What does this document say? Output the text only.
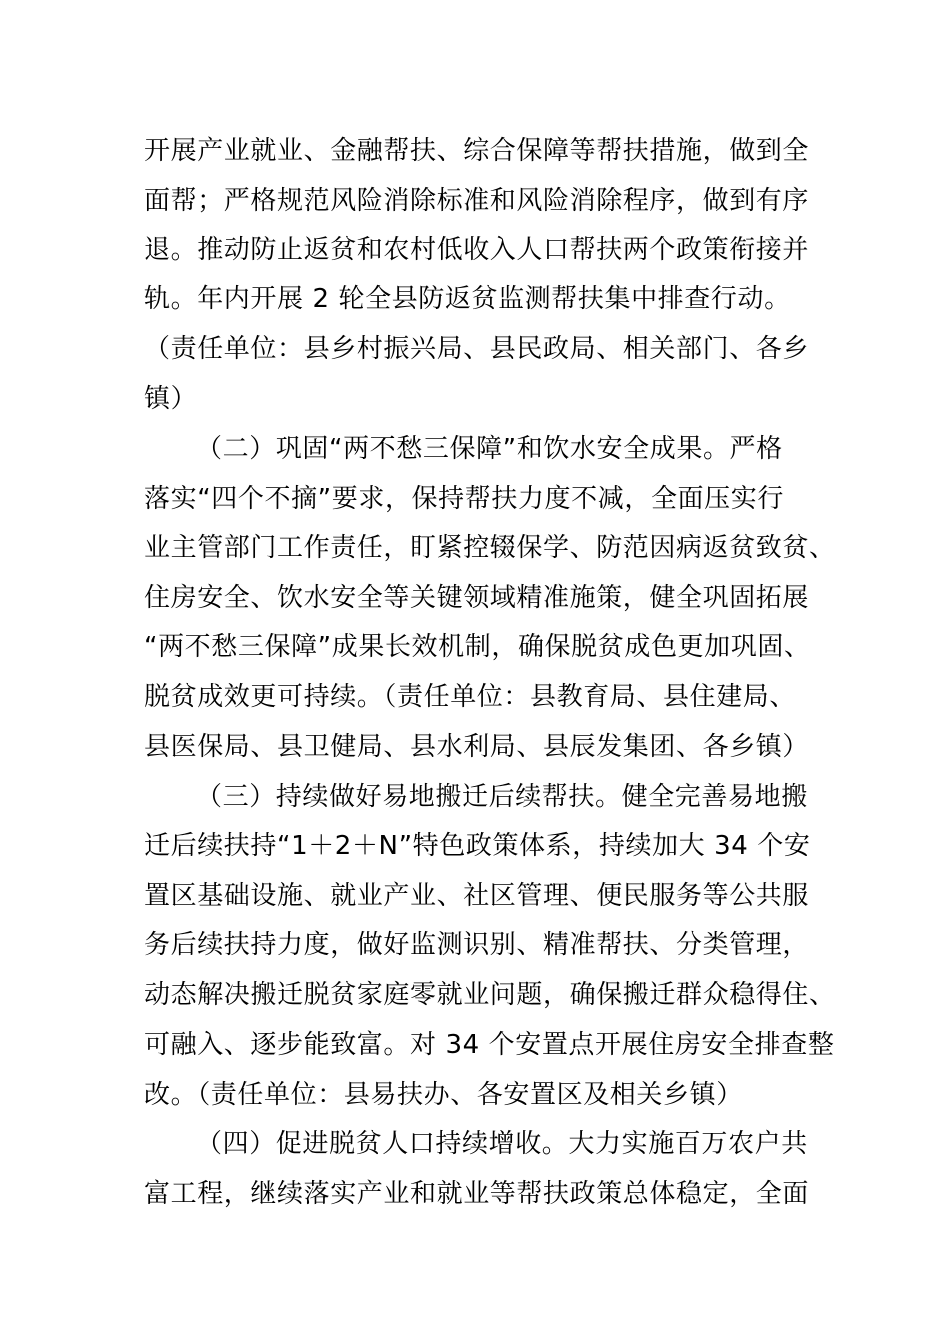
开展产业就业、金融帮扶、综合保障等帮扶措施，做到全
面帮；严格规范风险消除标准和风险消除程序，做到有序
退。推动防止返贫和农村低收入人口帮扶两个政策衔接并
轨。年内开展 2 轮全县防返贫监测帮扶集中排查行动。
（责任单位：县乡村振兴局、县民政局、相关部门、各乡
镇）
（二）巩固“两不愁三保障”和饮水安全成果。严格
落实“四个不摘”要求，保持帮扶力度不减，全面压实行
业主管部门工作责任，盯紧控辍保学、防范因病返贫致贫、
住房安全、饮水安全等关键领域精准施策，健全巩固拓展
“两不愁三保障”成果长效机制，确保脱贫成色更加巩固、
脱贫成效更可持续。（责任单位：县教育局、县住建局、
县医保局、县卫健局、县水利局、县辰发集团、各乡镇）
（三）持续做好易地搬迁后续帮扶。健全完善易地搬
迁后续扶持“1＋2＋N”特色政策体系，持续加大 34 个安
置区基础设施、就业产业、社区管理、便民服务等公共服
务后续扶持力度，做好监测识别、精准帮扶、分类管理，
动态解决搬迁脱贫家庭零就业问题，确保搬迁群众稳得住、
可融入、逐步能致富。对 34 个安置点开展住房安全排查整
改。（责任单位：县易扶办、各安置区及相关乡镇）
（四）促进脱贫人口持续增收。大力实施百万农户共
富工程，继续落实产业和就业等帮扶政策总体稳定，全面
